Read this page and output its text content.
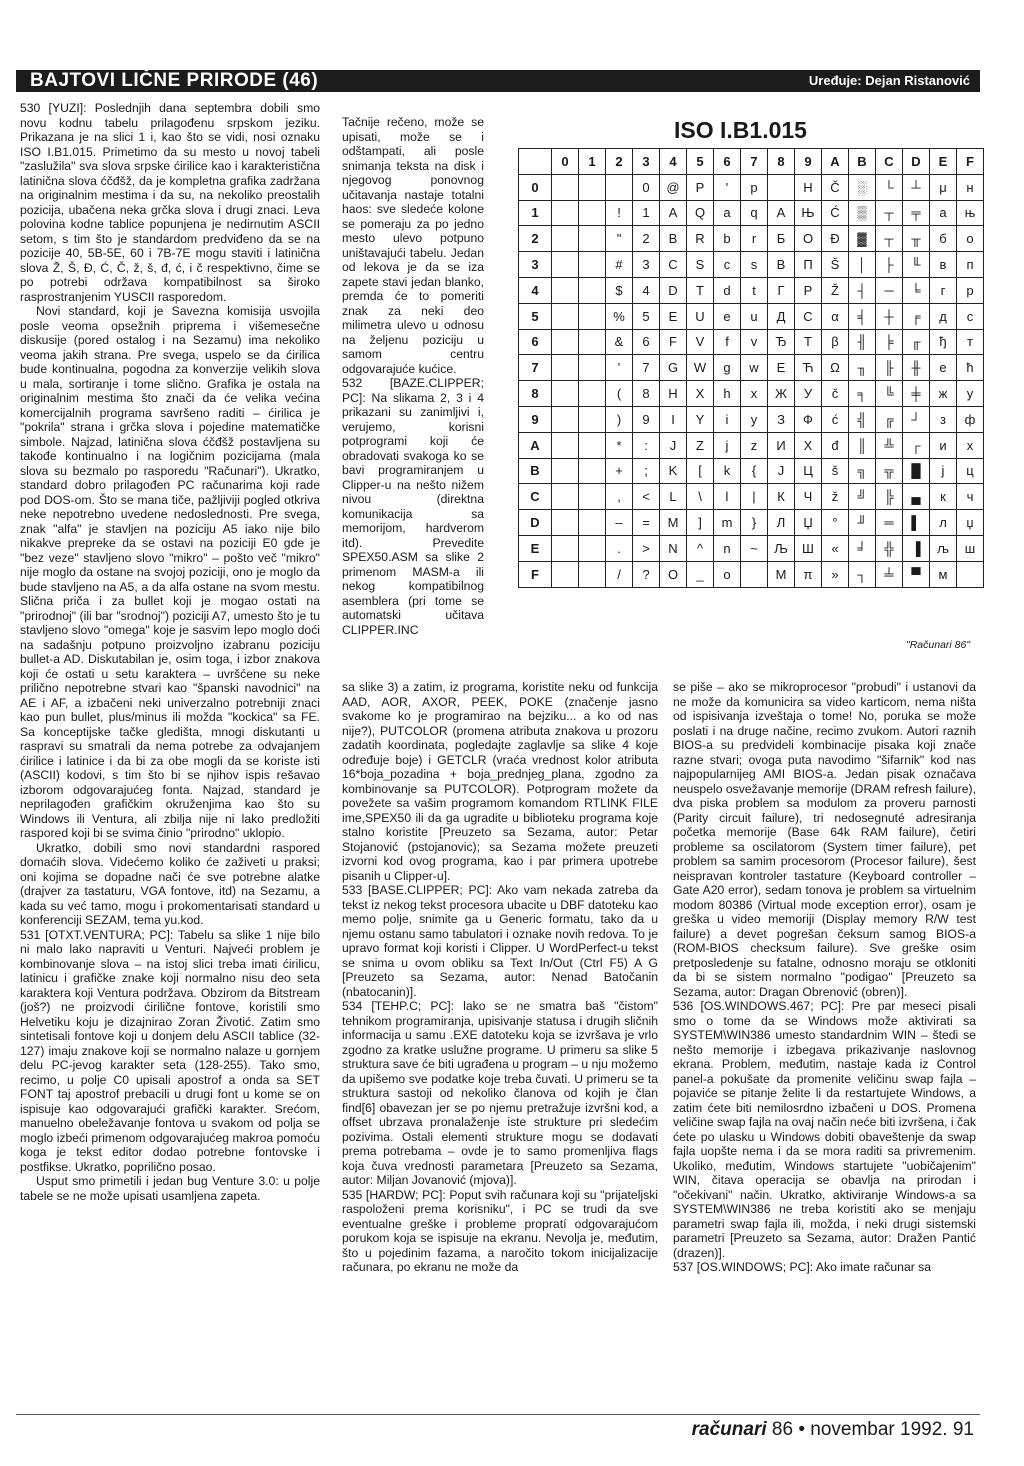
BAJTOVI LIČNE PRIRODE (46)	Uređuje: Dejan Ristanović

530 [YUZI]: Poslednjih dana septembra dobili smo novu kodnu tabelu prilagođenu srpskom jeziku. Prikazana je na slici 1 i, kao što se vidi, nosi oznaku ISO I.B1.015. Primetimo da su mesto u novoj tabeli "zaslužila" sva slova srpske ćirilice kao i karakteristična latinična slova ćčđšž, da je kompletna grafika zadržana na originalnim mestima i da su, na nekoliko preostalih pozicija, ubačena neka grčka slova i drugi znaci. Leva polovina kodne tablice popunjena je nedirnutim ASCII setom, s tim što je standardom predviđeno da se na pozicije 40, 5B-5E, 60 i 7B-7E mogu staviti i latinična slova Ž, Š, Đ, Ć, Č, ž, š, đ, ć, i č respektivno, čime se po potrebi održava kompatibilnost sa široko rasprostranjenim YUSCII rasporedom.

Novi standard, koji je Savezna komisija usvojila posle veoma opsežnih priprema i višemesečne diskusije (pored ostalog i na Sezamu) ima nekoliko veoma jakih strana. Pre svega, uspelo se da ćirilica bude kontinualna, pogodna za konverzije velikih slova u mala, sortiranje i tome slično. Grafika je ostala na originalnim mestima što znači da će velika većina komercijalnih programa savršeno raditi – ćirilica je "pokrila" strana i grčka slova i pojedine matematičke simbole. Najzad, latinična slova ćčđšž postavljena su takođe kontinualno i na logičnim pozicijama (mala slova su bezmalo po rasporedu "Računari"). Ukratko, standard dobro prilagođen PC računarima koji rade pod DOS-om. Što se mana tiče, pažljiviji pogled otkriva neke nepotrebno uvedene nedoslednosti. Pre svega, znak "alfa" je stavljen na poziciju A5 iako nije bilo nikakve prepreke da se ostavi na poziciji E0 gde je "bez veze" stavljeno slovo "mikro" – pošto več "mikro" nije moglo da ostane na svojoj poziciji, ono je moglo da bude stavljeno na A5, a da alfa ostane na svom mestu. Slična priča i za bullet koji je mogao ostati na "prirodnoj" (ili bar "srodnoj") poziciji A7, umesto što je tu stavljeno slovo "omega" koje je sasvim lepo moglo doći na sadašnju potpuno proizvoljno izabranu poziciju bullet-a AD. Diskutabilan je, osim toga, i izbor znakova koji će ostati u setu karaktera – uvršćene su neke prilično nepotrebne stvari kao "španski navodnici" na AE i AF, a izbačeni neki univerzalno potrebniji znaci kao pun bullet, plus/minus ili možda "kockica" sa FE. Sa konceptijske tačke gledišta, mnogi diskutanti u raspravi su smatrali da nema potrebe za odvajanjem ćirilice i latinice i da bi za obe mogli da se koriste isti (ASCII) kodovi, s tim što bi se njihov ispis rešavao izborom odgovarajućeg fonta. Najzad, standard je neprilagođen grafičkim okruženjima kao što su Windows ili Ventura, ali zbilja nije ni lako predložiti raspored koji bi se svima činio "prirodno" uklopio.

Ukratko, dobili smo novi standardni raspored domaćih slova. Videćemo koliko će zaživeti u praksi; oni kojima se dopadne nači će sve potrebne alatke (drajver za tastaturu, VGA fontove, itd) na Sezamu, a kada su već tamo, mogu i prokomentarisati standard u konferenciji SEZAM, tema yu.kod.

531 [OTXT.VENTURA; PC]: Tabelu sa slike 1 nije bilo ni malo lako napraviti u Venturi. Najveći problem je kombinovanje slova – na istoj slici treba imati ćirilicu, latinicu i grafičke znake koji normalno nisu deo seta karaktera koji Ventura podržava. Obzirom da Bitstream (još?) ne proizvodi ćirilične fontove, koristili smo Helvetiku koju je dizajnirao Zoran Životić. Zatim smo sintetisali fontove koji u donjem delu ASCII tablice (32-127) imaju znakove koji se normalno nalaze u gornjem delu PC-jevog karakter seta (128-255). Tako smo, recimo, u polje C0 upisali apostrof a onda sa SET FONT taj apostrof prebacili u drugi font u kome se on ispisuje kao odgovarajući grafički karakter. Srećom, manuelno obeležavanje fontova u svakom od polja se moglo izbeći primenom odgovarajućeg makroa pomoću koga je tekst editor dodao potrebne fontovske i postfikse. Ukratko, poprilično posao.

Usput smo primetili i jedan bug Venture 3.0: u polje tabele se ne može upisati usamljena zapeta.

Tačnije rečeno, može se upisati, može se i odštampati, ali posle snimanja teksta na disk i njegovog ponovnog učitavanja nastaje totalni haos: sve sledeće kolone se pomeraju za po jedno mesto ulevo potpuno uništavajući tabelu. Jedan od lekova je da se iza zapete stavi jedan blanko, premda će to pomeriti znak za neki deo milimetra ulevo u odnosu na željenu poziciju u samom centru odgovarajuće kućice.

532 [BAZE.CLIPPER; PC]: Na slikama 2, 3 i 4 prikazani su zanimljivi i, verujemo, korisni potprogrami koji će obradovati svakoga ko se bavi programiranjem u Clipper-u na nešto nižem nivou (direktna komunikacija sa memorijom, hardverom itd). Prevedite SPEX50.ASM sa slike 2 primenom MASM-a ili nekog kompatibilnog asemblera (pri tome se automatski učitava CLIPPER.INC

ISO I.B1.015
	0	1	2	3	4	5	6	7	8	9	A	B	C	D	E	F
0				0	@	P	'	p		H	Č	░	└	┴	μ	н
1			!	1	A	Q	a	q	A	Њ	Ć	▒	┬	╤	a	њ
2			"	2	B	R	b	r	Б	О	Đ	▓	┬	╥	б	о
3			#	3	C	S	c	s	В	П	Š	│	├	╙	в	п
4			$	4	D	T	d	t	Г	Р	Ž	┤	─	╘	г	р
5			%	5	E	U	e	u	Д	С	α	╡	┼	╒	д	с
6			&	6	F	V	f	v	Ђ	Т	β	╢	╞	╓	ђ	т
7			'	7	G	W	g	w	Е	Ћ	Ω	╖	╟	╫	е	ћ
8			(	8	H	X	h	x	Ж	У	č	╕	╚	╪	ж	у
9			)	9	I	Y	i	y	З	Ф	ć	╣	╔	┘	з	ф
A			*	:	J	Z	j	z	И	Х	đ	║	╩	┌	и	х
B			+	;	K	[	k	{	J	Ц	š	╗	╦	█	j	ц
C			,	<	L	\	l	|	К	Ч	ž	╝	╠	▄	к	ч
D			–	=	M	]	m	}	Л	Џ	°	╜	═	▌	л	џ
E			.	>	N	^	n	~	Љ	Ш	«	╛	╬	▐	љ	ш
F			/	?	O	_	o		М	π	»	┐	╧	▀	м	
"Računari 86"

sa slike 3) a zatim, iz programa, koristite neku od funkcija AAD, AOR, AXOR, PEEK, POKE (značenje jasno svakome ko je programirao na bejziku... a ko od nas nije?), PUTCOLOR (promena atributa znakova u prozoru zadatih koordinata, pogledajte zaglavlje sa slike 4 koje određuje boje) i GETCLR (vraća vrednost kolor atributa 16*boja_pozadina + boja_prednjeg_plana, zgodno za kombinovanje sa PUTCOLOR). Potprogram možete da povežete sa vašim programom komandom RTLINK FILE ime,SPEX50 ili da ga ugradite u biblioteku programa koje stalno koristite [Preuzeto sa Sezama, autor: Petar Stojanović (pstojanovic); sa Sezama možete preuzeti izvorni kod ovog programa, kao i par primera upotrebe pisanih u Clipper-u].

533 [BASE.CLIPPER; PC]: Ako vam nekada zatreba da tekst iz nekog tekst procesora ubacite u DBF datoteku kao memo polje, snimite ga u Generic formatu, tako da u njemu ostanu samo tabulatori i oznake novih redova. To je upravo format koji koristi i Clipper. U WordPerfect-u tekst se snima u ovom obliku sa Text In/Out (Ctrl F5) A G [Preuzeto sa Sezama, autor: Nenad Batočanin (nbatocanin)].

534 [TEHP.C; PC]: lako se ne smatra baš "čistom" tehnikom programiranja, upisivanje statusa i drugih sličnih informacija u samu .EXE datoteku koja se izvršava je vrlo zgodno za kratke uslužne programe. U primeru sa slike 5 struktura save će biti ugrađena u program – u nju možemo da upišemo sve podatke koje treba čuvati. U primeru se ta struktura sastoji od nekoliko članova od kojih je član find[6] obavezan jer se po njemu pretražuje izvršni kod, a offset ubrzava pronalaženje iste strukture pri sledećim pozivima. Ostali elementi strukture mogu se dodavati prema potrebama – ovde je to samo promenljiva flags koja čuva vrednosti parametara [Preuzeto sa Sezama, autor: Miljan Jovanović (mjova)].

535 [HARDW; PC]: Poput svih računara koji su "prijateljski raspoloženi prema korisniku", i PC se trudi da sve eventualne greške i probleme propratí odgovarajućom porukom koja se ispisuje na ekranu. Nevolja je, međutim, što u pojedinim fazama, a naročito tokom inicijalizacije računara, po ekranu ne može da

se piše – ako se mikroprocesor "probudi" i ustanovi da ne može da komunicira sa video karticom, nema ništa od ispisivanja izveštaja o tome! No, poruka se može poslati i na druge načine, recimo zvukom. Autori raznih BIOS-a su predvideli kombinacije pisaka koji znače razne stvari; ovoga puta navodimo "šifarnik" kod nas najpopularnijeg AMI BIOS-a. Jedan pisak označava neuspelo osvežavanje memorije (DRAM refresh failure), dva piska problem sa modulom za proveru parnosti (Parity circuit failure), tri nedosegnuté adresiranja početka memorije (Base 64k RAM failure), četiri probleme sa oscilatorom (System timer failure), pet problem sa samim procesorom (Procesor failure), šest neispravan kontroler tastature (Keyboard controller – Gate A20 error), sedam tonova je problem sa virtuelnim modom 80386 (Virtual mode exception error), osam je greška u video memoriji (Display memory R/W test failure) a devet pogrešan čeksum samog BIOS-a (ROM-BIOS checksum failure). Sve greške osim pretposledenje su fatalne, odnosno moraju se otkloniti da bi se sistem normalno "podigao" [Preuzeto sa Sezama, autor: Dragan Obrenović (obren)].

536 [OS.WINDOWS.467; PC]: Pre par meseci pisali smo o tome da se Windows može aktivirati sa SYSTEM\WIN386 umesto standardnim WIN – štedi se nešto memorije i izbegava prikazivanje naslovnog ekrana. Problem, međutim, nastaje kada iz Control panel-a pokušate da promenite veličinu swap fajla – pojaviće se pitanje želite li da restartujete Windows, a zatim ćete biti nemilosrdno izbačeni u DOS. Promena veličine swap fajla na ovaj način neće biti izvršena, i čak ćete po ulasku u Windows dobiti obaveštenje da swap fajla uopšte nema i da se mora raditi sa privremenim. Ukoliko, međutim, Windows startujete "uobičajenim" WIN, čitava operacija se obavlja na prirodan i "očekivani" način. Ukratko, aktiviranje Windows-a sa SYSTEM\WIN386 ne treba koristiti ako se menjaju parametri swap fajla ili, možda, i neki drugi sistemski parametri [Preuzeto sa Sezama, autor: Dražen Pantić (drazen)].

537 [OS.WINDOWS; PC]: Ako imate računar sa

računari 86 • novembar 1992. 91
